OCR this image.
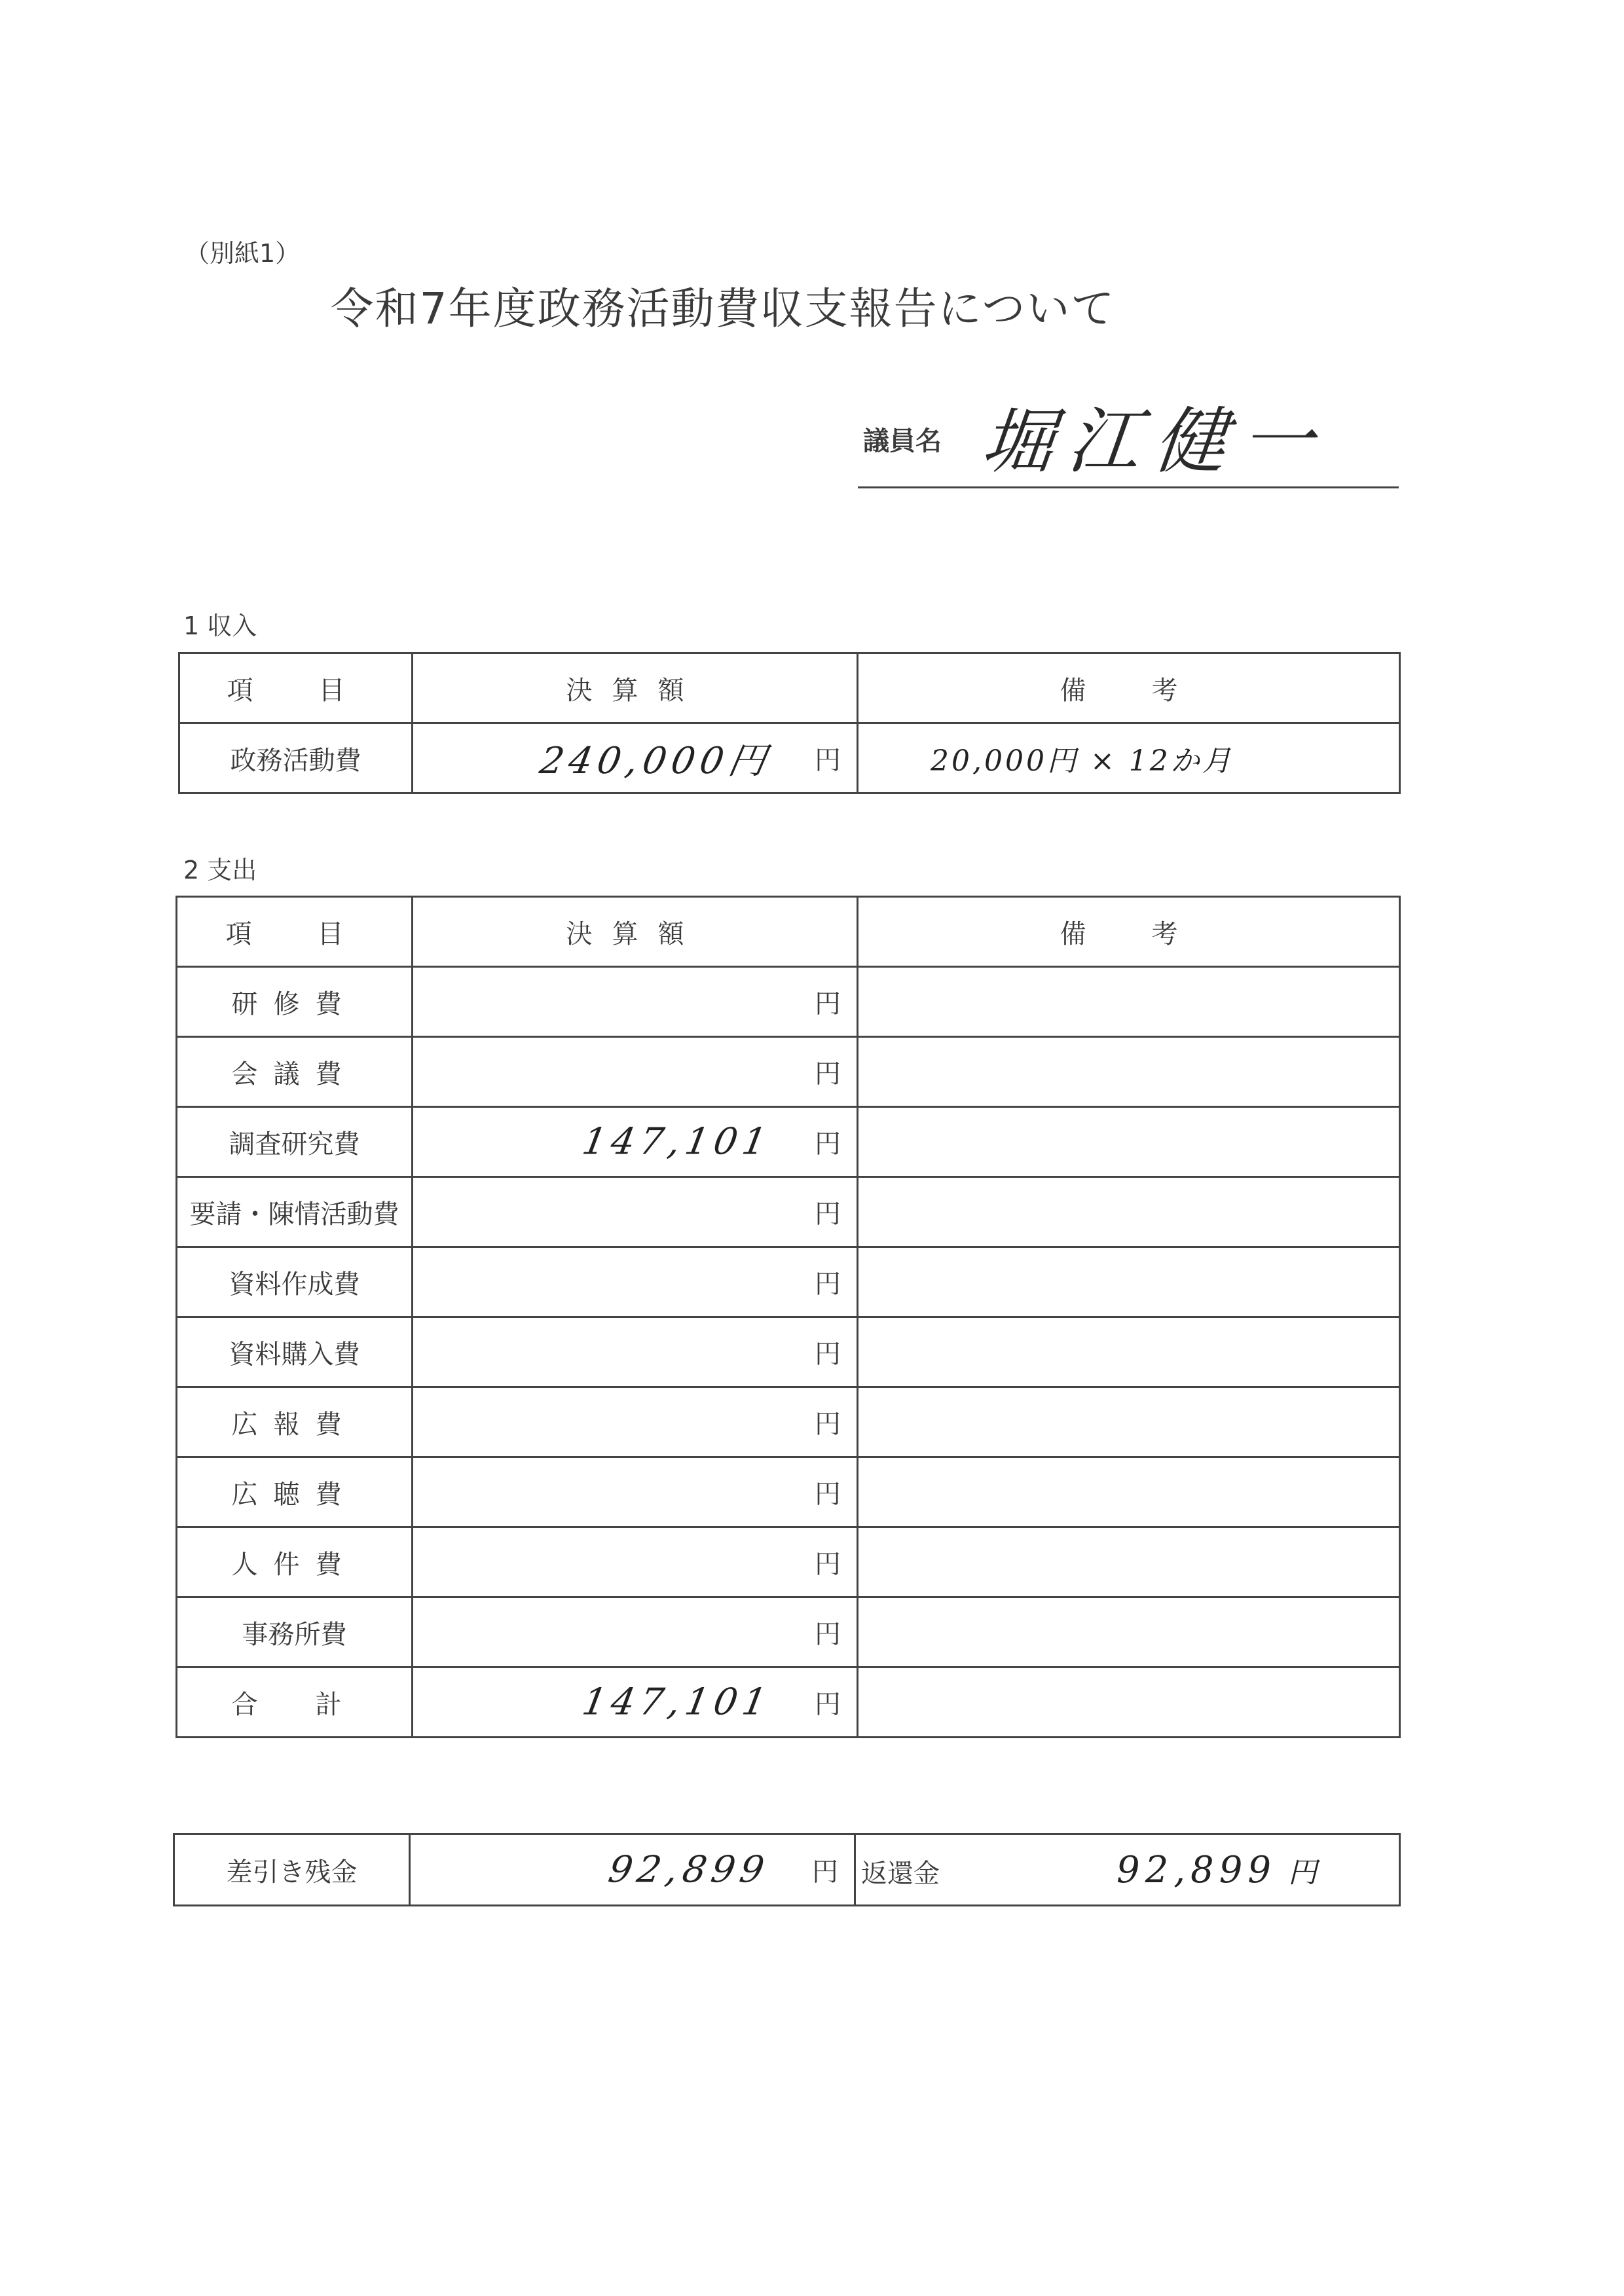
（別紙1）
令和7年度政務活動費収支報告について
議員名 堀江健一
1 収入
項　目	決算額	備　考
政務活動費	240,000円 円	20,000円 × 12か月
2 支出
項　目	決算額	備　考
研修費	円	

会議費	円	

調査研究費	147,101 円	

要請・陳情活動費	円	

資料作成費	円	

資料購入費	円	

広報費	円	

広聴費	円	

人件費	円	

事務所費	円	

合　計	147,101 円	

差引き残金	92,899 円	返還金	92,899 円
